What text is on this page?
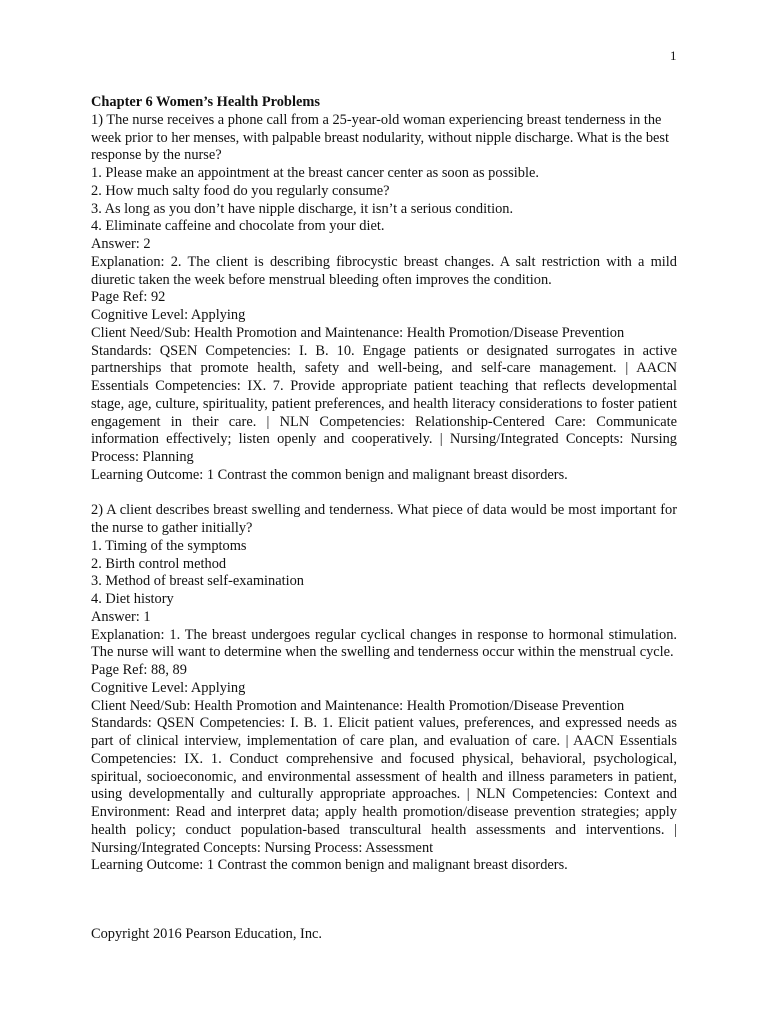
1

Chapter 6 Women’s Health Problems

1) The nurse receives a phone call from a 25-year-old woman experiencing breast tenderness in the week prior to her menses, with palpable breast nodularity, without nipple discharge. What is the best response by the nurse?

1. Please make an appointment at the breast cancer center as soon as possible.

2. How much salty food do you regularly consume?

3. As long as you don’t have nipple discharge, it isn’t a serious condition.

4. Eliminate caffeine and chocolate from your diet.

Answer: 2

Explanation: 2. The client is describing fibrocystic breast changes. A salt restriction with a mild diuretic taken the week before menstrual bleeding often improves the condition.

Page Ref: 92

Cognitive Level: Applying

Client Need/Sub: Health Promotion and Maintenance: Health Promotion/Disease Prevention

Standards: QSEN Competencies: I. B. 10. Engage patients or designated surrogates in active partnerships that promote health, safety and well-being, and self-care management. | AACN Essentials Competencies: IX. 7. Provide appropriate patient teaching that reflects developmental stage, age, culture, spirituality, patient preferences, and health literacy considerations to foster patient engagement in their care. | NLN Competencies: Relationship-Centered Care: Communicate information effectively; listen openly and cooperatively. | Nursing/Integrated Concepts: Nursing Process: Planning

Learning Outcome: 1 Contrast the common benign and malignant breast disorders.

2) A client describes breast swelling and tenderness. What piece of data would be most important for the nurse to gather initially?

1. Timing of the symptoms

2. Birth control method

3. Method of breast self-examination

4. Diet history

Answer: 1

Explanation: 1. The breast undergoes regular cyclical changes in response to hormonal stimulation. The nurse will want to determine when the swelling and tenderness occur within the menstrual cycle.

Page Ref: 88, 89

Cognitive Level: Applying

Client Need/Sub: Health Promotion and Maintenance: Health Promotion/Disease Prevention

Standards: QSEN Competencies: I. B. 1. Elicit patient values, preferences, and expressed needs as part of clinical interview, implementation of care plan, and evaluation of care. | AACN Essentials Competencies: IX. 1. Conduct comprehensive and focused physical, behavioral, psychological, spiritual, socioeconomic, and environmental assessment of health and illness parameters in patient, using developmentally and culturally appropriate approaches. | NLN Competencies: Context and Environment: Read and interpret data; apply health promotion/disease prevention strategies; apply health policy; conduct population-based transcultural health assessments and interventions. | Nursing/Integrated Concepts: Nursing Process: Assessment

Learning Outcome: 1 Contrast the common benign and malignant breast disorders.

Copyright 2016 Pearson Education, Inc.
